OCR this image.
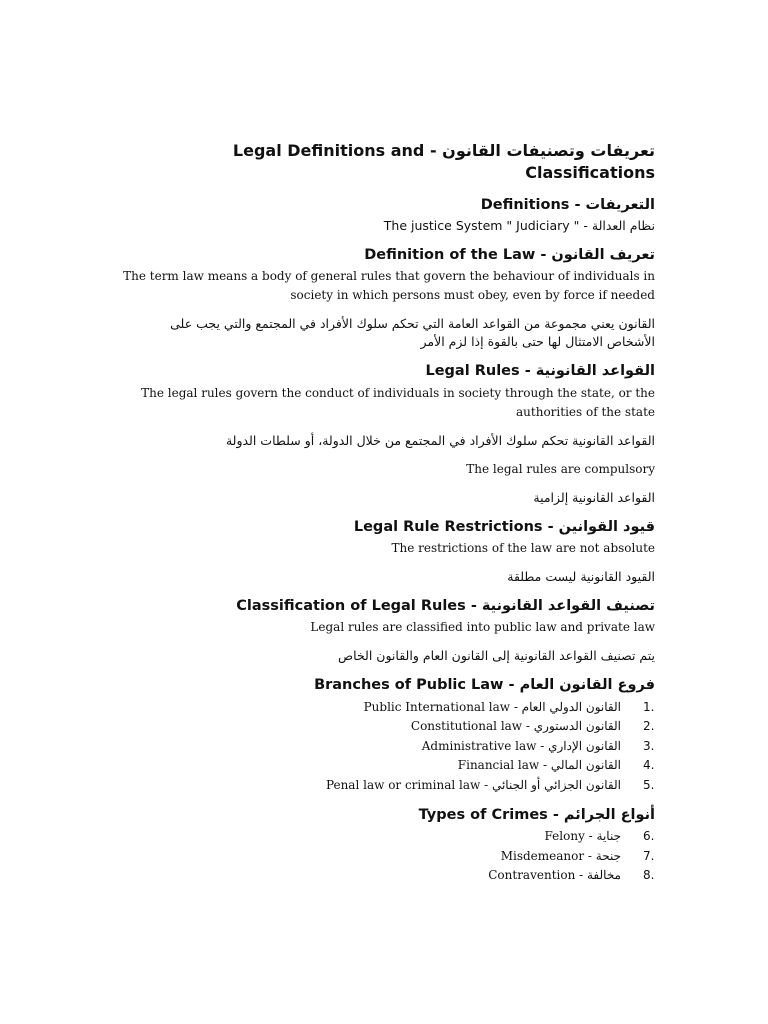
تعريفات وتصنيفات القانون - Legal Definitions and Classifications
التعريفات - Definitions
نظام العدالة - " The justice System " Judiciary
تعريف القانون - Definition of the Law
The term law means a body of general rules that govern the behaviour of individuals in society in which persons must obey, even by force if needed
القانون يعني مجموعة من القواعد العامة التي تحكم سلوك الأفراد في المجتمع والتي يجب على الأشخاص الامتثال لها حتى بالقوة إذا لزم الأمر
القواعد القانونية - Legal Rules
The legal rules govern the conduct of individuals in society through the state, or the authorities of the state
القواعد القانونية تحكم سلوك الأفراد في المجتمع من خلال الدولة، أو سلطات الدولة
The legal rules are compulsory
القواعد القانونية إلزامية
قيود القوانين - Legal Rule Restrictions
The restrictions of the law are not absolute
القيود القانونية ليست مطلقة
تصنيف القواعد القانونية - Classification of Legal Rules
Legal rules are classified into public law and private law
يتم تصنيف القواعد القانونية إلى القانون العام والقانون الخاص
فروع القانون العام - Branches of Public Law
القانون الدولي العام - Public International law	1.
القانون الدستوري - Constitutional law	2.
القانون الإداري - Administrative law	3.
القانون المالي - Financial law	4.
القانون الجزائي أو الجنائي - Penal law or criminal law	5.
أنواع الجرائم - Types of Crimes
جناية - Felony	6.
جنحة - Misdemeanor	7.
مخالفة - Contravention	8.
